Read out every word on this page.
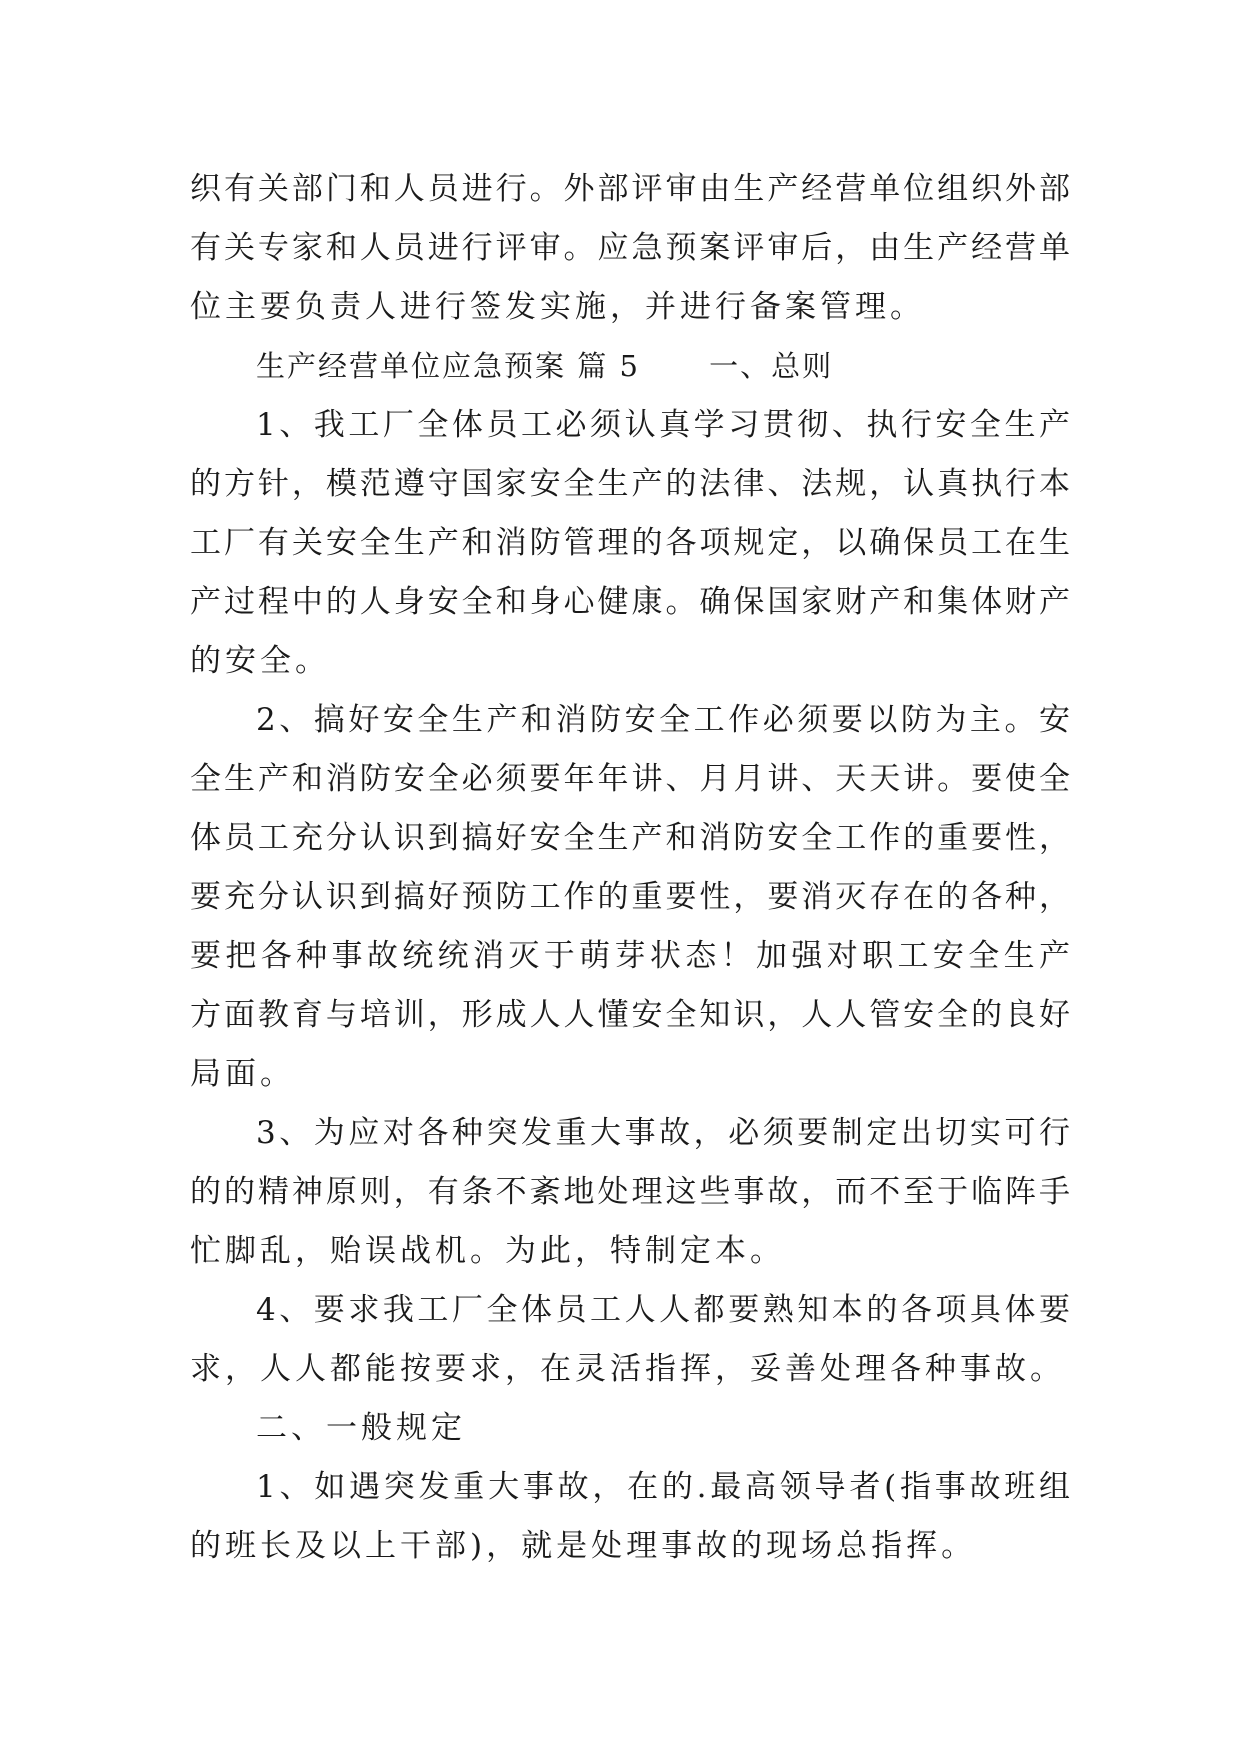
织有关部门和人员进行。外部评审由生产经营单位组织外部
有关专家和人员进行评审。应急预案评审后，由生产经营单
位主要负责人进行签发实施，并进行备案管理。
生产经营单位应急预案 篇 5 一、总则
1、我工厂全体员工必须认真学习贯彻、执行安全生产
的方针，模范遵守国家安全生产的法律、法规，认真执行本
工厂有关安全生产和消防管理的各项规定，以确保员工在生
产过程中的人身安全和身心健康。确保国家财产和集体财产
的安全。
2、搞好安全生产和消防安全工作必须要以防为主。安
全生产和消防安全必须要年年讲、月月讲、天天讲。要使全
体员工充分认识到搞好安全生产和消防安全工作的重要性，
要充分认识到搞好预防工作的重要性，要消灭存在的各种，
要把各种事故统统消灭于萌芽状态！加强对职工安全生产
方面教育与培训，形成人人懂安全知识，人人管安全的良好
局面。
3、为应对各种突发重大事故，必须要制定出切实可行
的的精神原则，有条不紊地处理这些事故，而不至于临阵手
忙脚乱，贻误战机。为此，特制定本。
4、要求我工厂全体员工人人都要熟知本的各项具体要
求，人人都能按要求，在灵活指挥，妥善处理各种事故。
二、一般规定
1、如遇突发重大事故，在的.最高领导者(指事故班组
的班长及以上干部)，就是处理事故的现场总指挥。
